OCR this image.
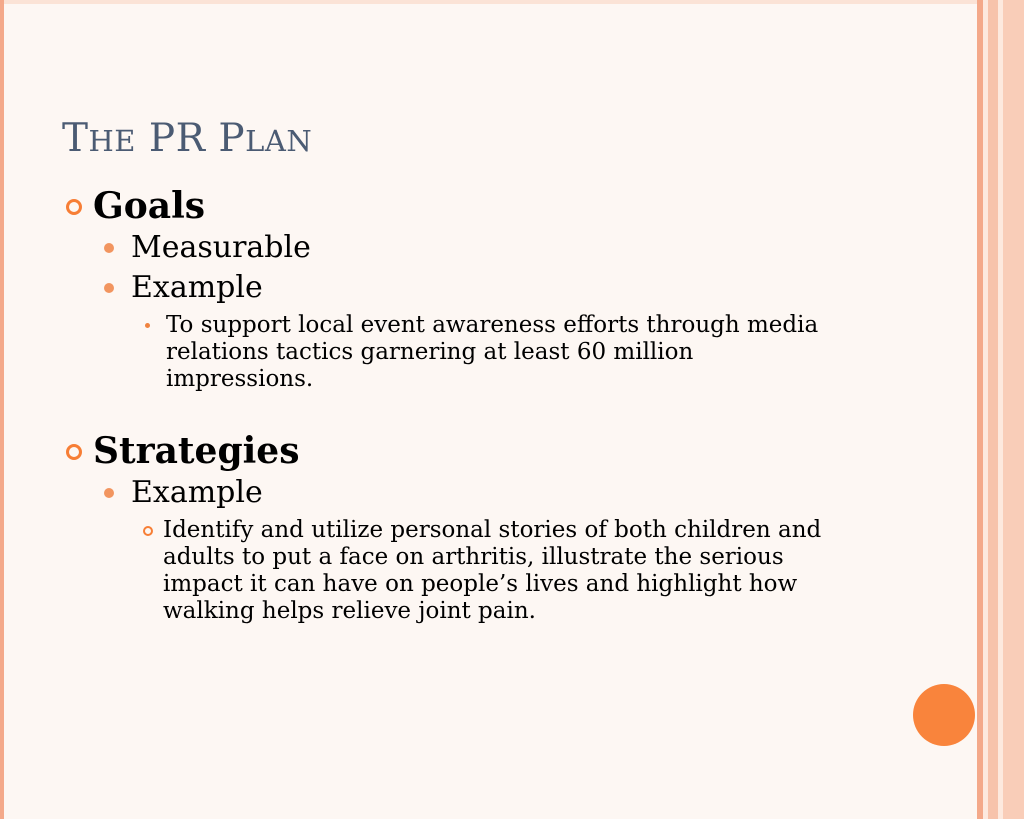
THE PR PLAN
Goals
Measurable
Example
To support local event awareness efforts through media relations tactics garnering at least 60 million impressions.
Strategies
Example
Identify and utilize personal stories of both children and adults to put a face on arthritis, illustrate the serious impact it can have on people’s lives and highlight how walking helps relieve joint pain.
